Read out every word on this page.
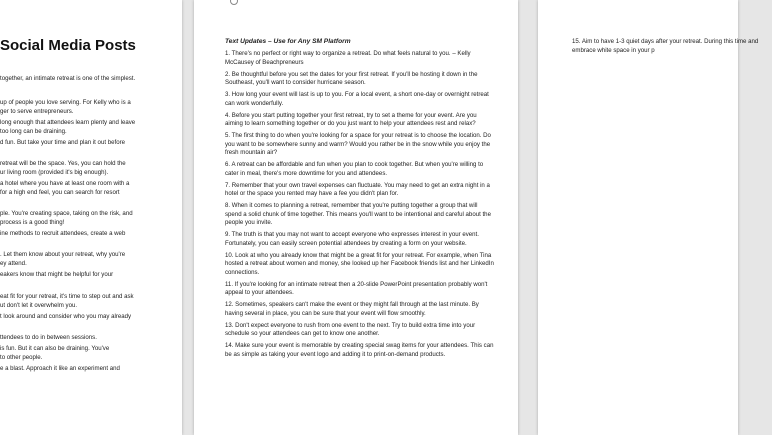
Social Media Posts
together, an intimate retreat is one of the simplest.
up of people you love serving. For Kelly who is a
ger to serve entrepreneurs.
long enough that attendees learn plenty and leave
too long can be draining.
d fun. But take your time and plan it out before
retreat will be the space. Yes, you can hold the
ur living room (provided it's big enough).
a hotel where you have at least one room with a
for a high end feel, you can search for resort
ple. You're creating space, taking on the risk, and
process is a good thing!
ine methods to recruit attendees, create a web
. Let them know about your retreat, why you're
ey attend.
eakers know that might be helpful for your
eat fit for your retreat, it's time to step out and ask
ut don't let it overwhelm you.
t look around and consider who you may already
ttendees to do in between sessions.
is fun. But it can also be draining. You've
to other people.
e a blast. Approach it like an experiment and
Text Updates – Use for Any SM Platform

1. There's no perfect or right way to organize a retreat. Do what feels natural to you. – Kelly McCausey of Beachpreneurs

2. Be thoughtful before you set the dates for your first retreat. If you'll be hosting it down in the Southeast, you'll want to consider hurricane season.

3. How long your event will last is up to you. For a local event, a short one-day or overnight retreat can work wonderfully.

4. Before you start putting together your first retreat, try to set a theme for your event. Are you aiming to learn something together or do you just want to help your attendees rest and relax?

5. The first thing to do when you're looking for a space for your retreat is to choose the location. Do you want to be somewhere sunny and warm? Would you rather be in the snow while you enjoy the fresh mountain air?

6. A retreat can be affordable and fun when you plan to cook together. But when you're willing to cater in meal, there's more downtime for you and attendees.

7. Remember that your own travel expenses can fluctuate. You may need to get an extra night in a hotel or the space you rented may have a fee you didn't plan for.

8. When it comes to planning a retreat, remember that you're putting together a group that will spend a solid chunk of time together. This means you'll want to be intentional and careful about the people you invite.

9. The truth is that you may not want to accept everyone who expresses interest in your event. Fortunately, you can easily screen potential attendees by creating a form on your website.

10. Look at who you already know that might be a great fit for your retreat. For example, when Tina hosted a retreat about women and money, she looked up her Facebook friends list and her LinkedIn connections.

11. If you're looking for an intimate retreat then a 20-slide PowerPoint presentation probably won't appeal to your attendees.

12. Sometimes, speakers can't make the event or they might fall through at the last minute. By having several in place, you can be sure that your event will flow smoothly.

13. Don't expect everyone to rush from one event to the next. Try to build extra time into your schedule so your attendees can get to know one another.

14. Make sure your event is memorable by creating special swag items for your attendees. This can be as simple as taking your event logo and adding it to print-on-demand products.

15. Aim to have 1-3 quiet days after your retreat. During this time and embrace white space in your p
